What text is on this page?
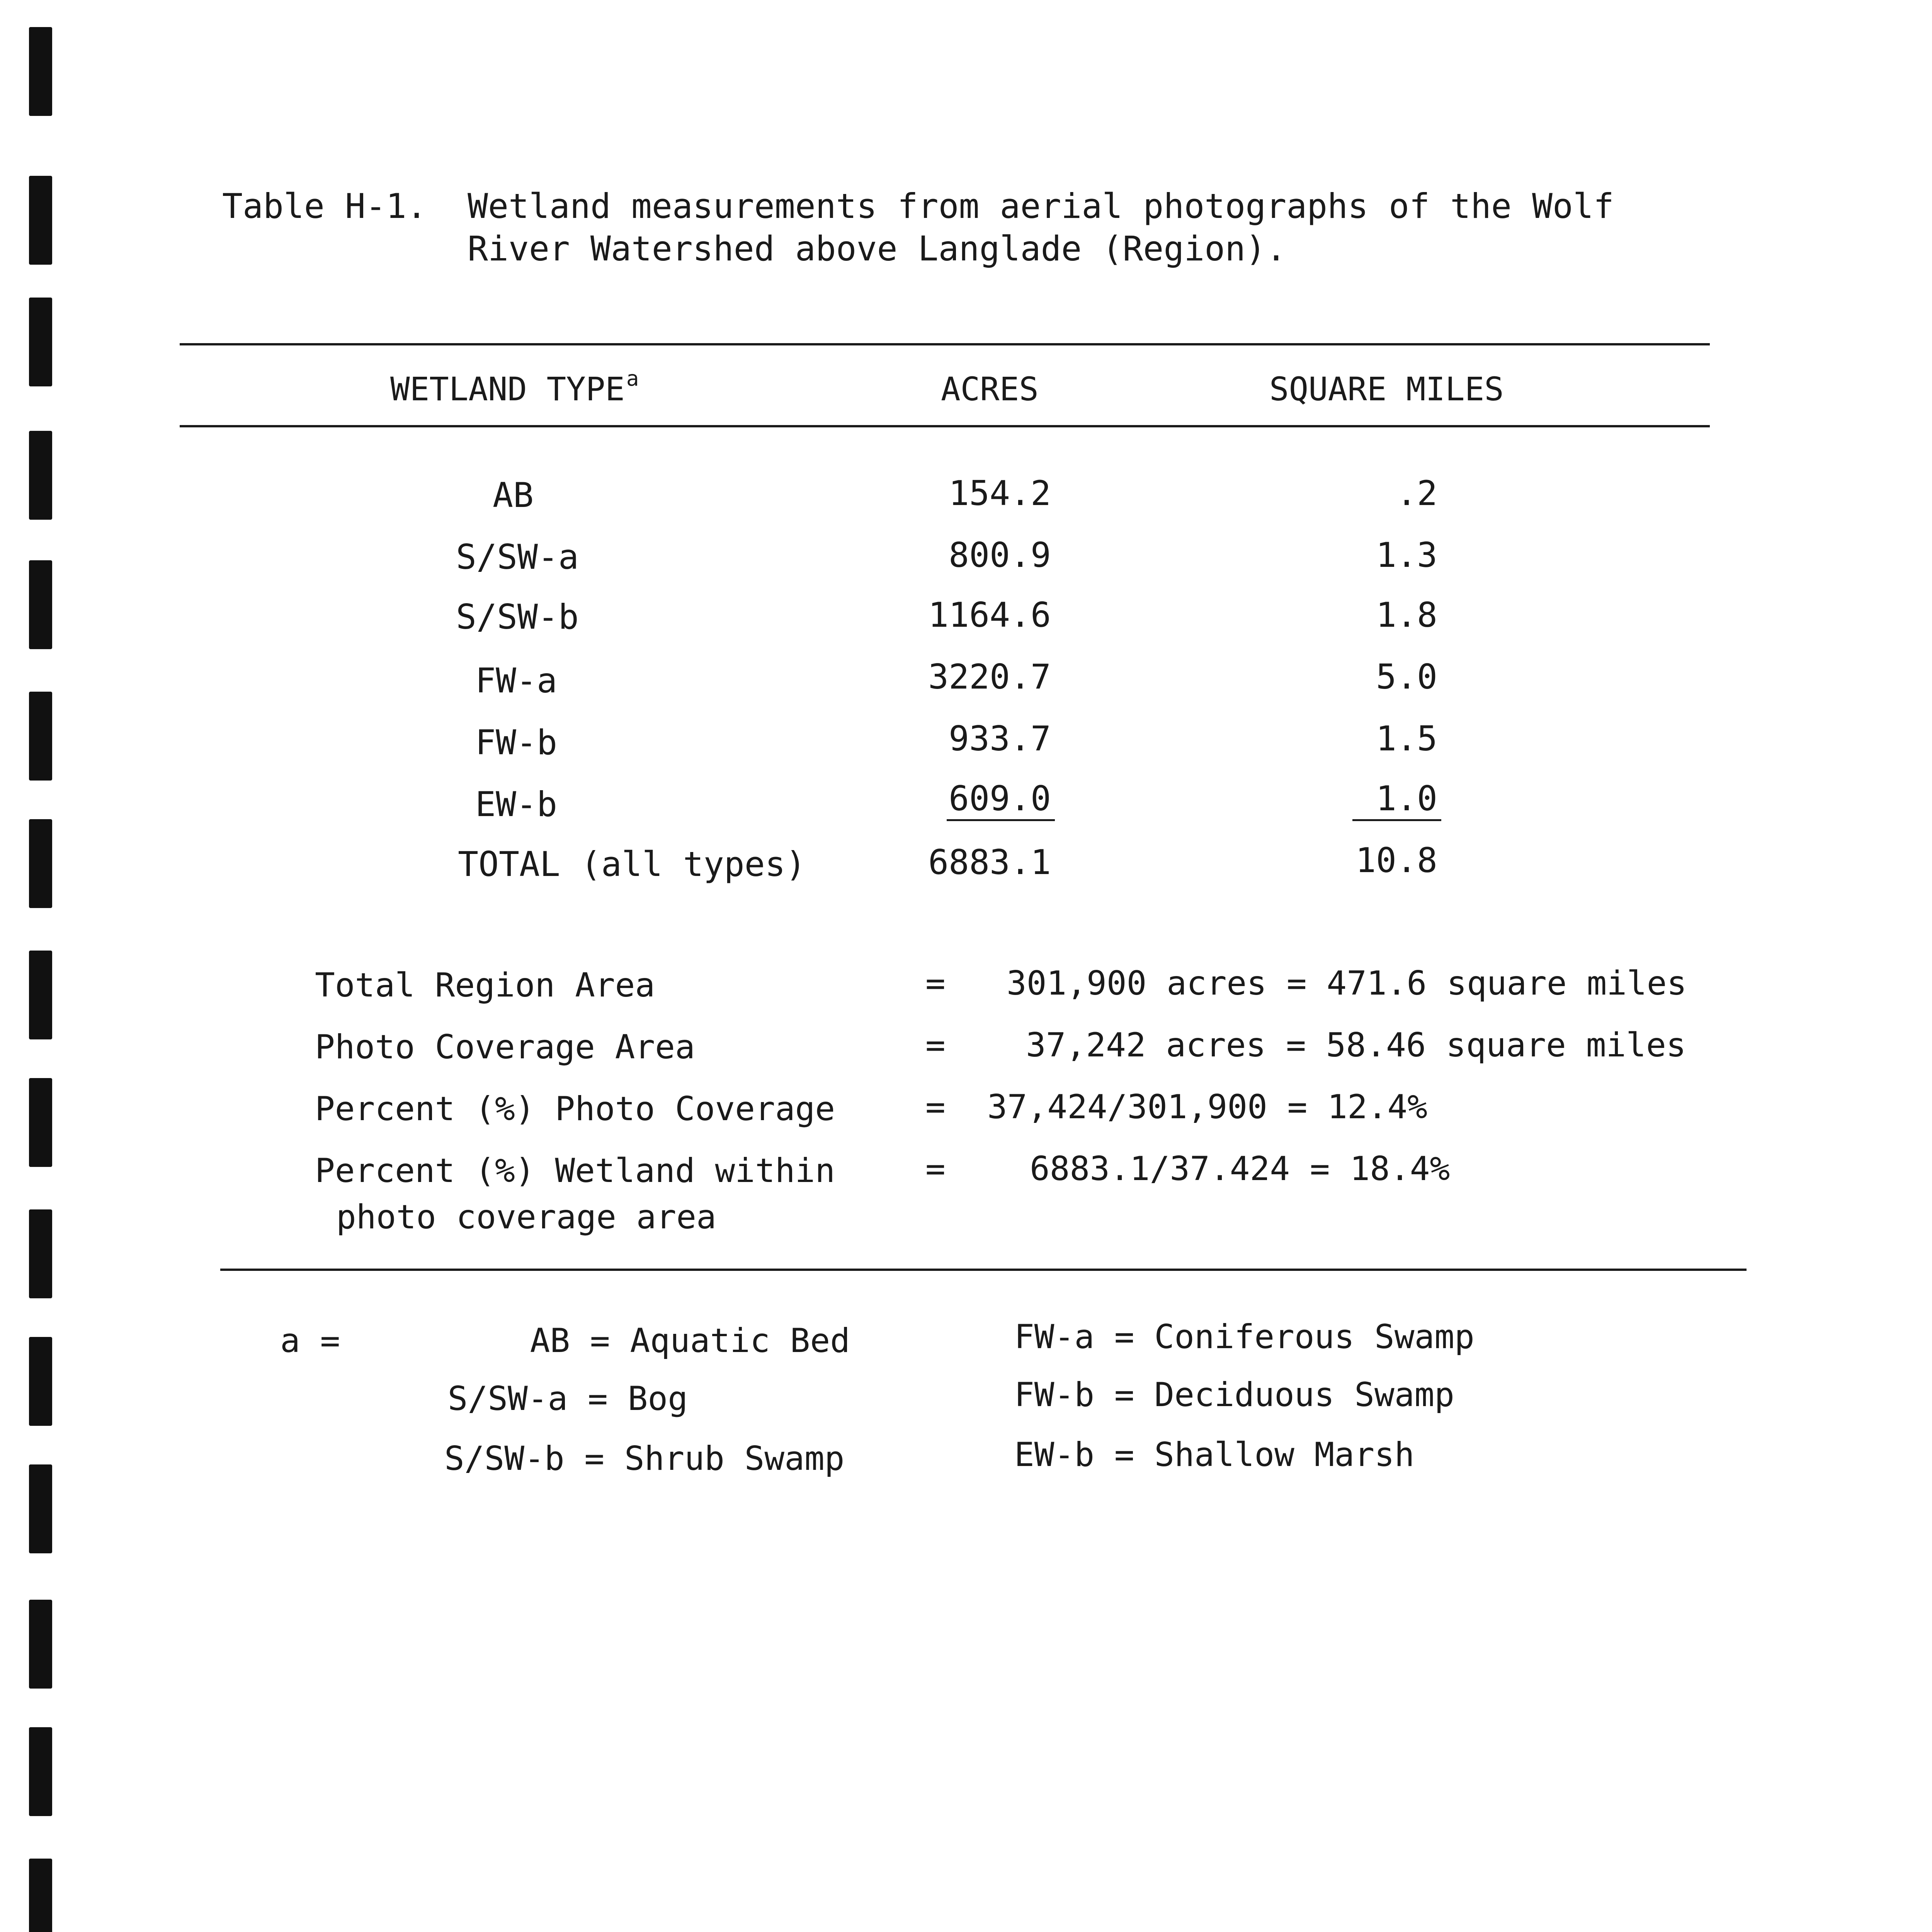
Table H-1. Wetland measurements from aerial photographs of the Wolf
River Watershed above Langlade (Region).
WETLAND TYPE$^a$	ACRES	SQUARE MILES
AB	154.2	.2
S/SW-a	800.9	1.3
S/SW-b	1164.6	1.8
FW-a	3220.7	5.0
FW-b	933.7	1.5
EW-b	609.0	1.0
TOTAL (all types)	6883.1	10.8
Total Region Area	= 301,900 acres = 471.6 square miles
Photo Coverage Area	= 37,242 acres = 58.46 square miles
Percent (%) Photo Coverage	= 37,424/301,900 = 12.4%
Percent (%) Wetland within
photo coverage area
=	6883.1/37.424 = 18.4%
a =	AB = Aquatic Bed
S/SW-a = Bog
S/SW-b = Shrub Swamp
FW-a = Coniferous Swamp
FW-b = Deciduous Swamp
EW-b = Shallow Marsh
